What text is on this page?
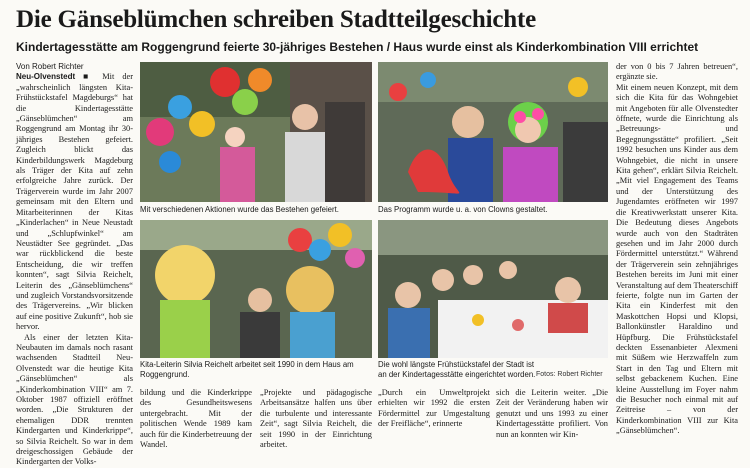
Die Gänseblümchen schreiben Stadtteilgeschichte
Kindertagesstätte am Roggengrund feierte 30-jähriges Bestehen / Haus wurde einst als Kinderkombination VIII errichtet

Von Robert Richter

Neu-Olvenstedt ■ Mit der „wahrscheinlich längsten Kita-Frühstückstafel Magdeburgs“ hat die Kindertagesstätte „Gänseblümchen“ am Roggengrund am Montag ihr 30-jähriges Bestehen gefeiert. Zugleich blickt das Kinderbildungswerk Magdeburg als Träger der Kita auf zehn erfolgreiche Jahre zurück. Der Trägerverein wurde im Jahr 2007 gemeinsam mit den Eltern und Mitarbeiterinnen der Kitas „Kinderlachen“ in Neue Neustadt und „Schlupfwinkel“ am Neustädter See gegründet. „Das war rückblickend die beste Entscheidung, die wir treffen konnten“, sagt Silvia Reichelt, Leiterin des „Gänseblümchens“ und zugleich Vorstandsvorsitzende des Trägervereins. „Wir blicken auf eine positive Zukunft“, hob sie hervor.

Als einer der letzten Kita-Neubauten im damals noch rasant wachsenden Stadtteil Neu-Olvenstedt war die heutige Kita „Gänseblümchen“ als „Kinderkombination VIII“ am 7. Oktober 1987 offiziell eröffnet worden. „Die Strukturen der ehemaligen DDR trennten Kindergarten und Kinderkrippe“, so Silvia Reichelt. So war in dem dreigeschossigen Gebäude der Kindergarten der Volks-

Mit verschiedenen Aktionen wurde das Bestehen gefeiert.	Das Programm wurde u. a. von Clowns gestaltet.
der von 0 bis 7 Jahren betreuen“, ergänzte sie.
Mit einem neuen Konzept, mit dem sich die Kita für das Wohngebiet mit Angeboten für alle Olvenstedter öffnete, wurde die Einrichtung als „Betreuungs- und Begegnungsstätte“ profiliert. „Seit 1992 besuchen uns Kinder aus dem Wohngebiet, die nicht in unsere Kita gehen“, erklärt Silvia Reichelt. „Mit viel Engagement des Teams und der Unterstützung des Jugendamtes eröffneten wir 1997 die Kreativwerkstatt unserer Kita. Die Bedeutung dieses Angebots wurde auch von den Stadträten gesehen und im Jahr 2000 durch Fördermittel unterstützt.“ Während der Trägerverein sein zehnjähriges Bestehen bereits im Juni mit einer Veranstaltung auf dem Theaterschiff feierte, folgte nun im Garten der Kita ein Kinderfest mit den Maskottchen Hopsi und Klopsi, Ballonkünstler Haraldino und Hüpfburg. Die Frühstückstafel deckten Essenanbieter Alexmeni mit Süßem wie Herzwaffeln zum Start in den Tag und Eltern mit selbst gebackenem Kuchen. Eine kleine Ausstellung im Foyer nahm die Besucher noch einmal mit auf Zeitreise – von der Kinderkombination VIII zur Kita „Gänseblümchen“.
Kita-Leiterin Silvia Reichelt arbeitet seit 1990 in dem Haus am Roggengrund.
Die wohl längste Frühstückstafel der Stadt ist an der Kindertagesstätte eingerichtet worden. Fotos: Robert Richter
bildung und die Kinderkrippe des Gesundheitswesens untergebracht. Mit der politischen Wende 1989 kam auch für die Kinderbetreuung der Wandel.
„Projekte und pädagogische Arbeitsansätze halfen uns über die turbulente und interessante Zeit“, sagt Silvia Reichelt, die seit 1990 in der Einrichtung arbeitet.
„Durch ein Umweltprojekt erhielten wir 1992 die ersten Fördermittel zur Umgestaltung der Freifläche“, erinnerte
sich die Leiterin weiter. „Die Zeit der Veränderung haben wir genutzt und uns 1993 zu einer Kindertagesstätte profiliert. Von nun an konnten wir Kin-
